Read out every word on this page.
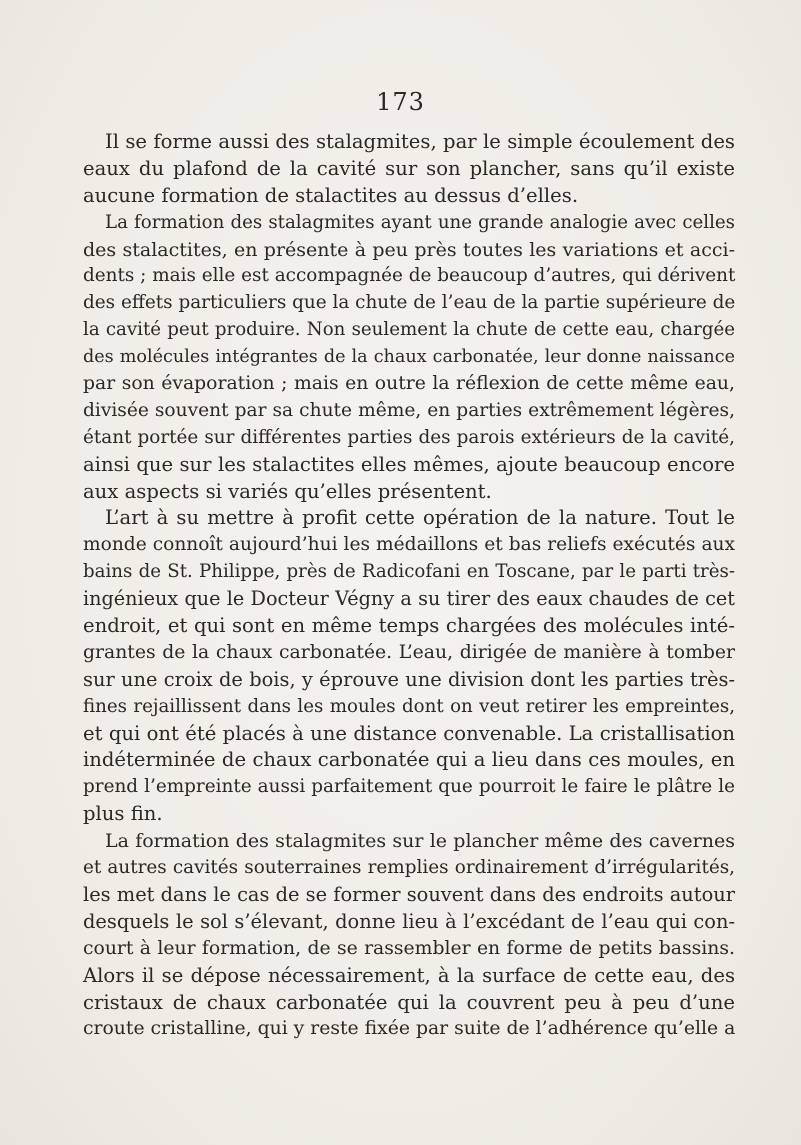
173
Il se forme aussi des stalagmites, par le simple écoulement des
eaux du plafond de la cavité sur son plancher, sans qu’il existe
aucune formation de stalactites au dessus d’elles.
La formation des stalagmites ayant une grande analogie avec celles
des stalactites, en présente à peu près toutes les variations et acci-
dents ; mais elle est accompagnée de beaucoup d’autres, qui dérivent
des effets particuliers que la chute de l’eau de la partie supérieure de
la cavité peut produire. Non seulement la chute de cette eau, chargée
des molécules intégrantes de la chaux carbonatée, leur donne naissance
par son évaporation ; mais en outre la réflexion de cette même eau,
divisée souvent par sa chute même, en parties extrêmement légères,
étant portée sur différentes parties des parois extérieurs de la cavité,
ainsi que sur les stalactites elles mêmes, ajoute beaucoup encore
aux aspects si variés qu’elles présentent.
L’art à su mettre à profit cette opération de la nature. Tout le
monde connoît aujourd’hui les médaillons et bas reliefs exécutés aux
bains de St. Philippe, près de Radicofani en Toscane, par le parti très-
ingénieux que le Docteur Végny a su tirer des eaux chaudes de cet
endroit, et qui sont en même temps chargées des molécules inté-
grantes de la chaux carbonatée. L’eau, dirigée de manière à tomber
sur une croix de bois, y éprouve une division dont les parties très-
fines rejaillissent dans les moules dont on veut retirer les empreintes,
et qui ont été placés à une distance convenable. La cristallisation
indéterminée de chaux carbonatée qui a lieu dans ces moules, en
prend l’empreinte aussi parfaitement que pourroit le faire le plâtre le
plus fin.
La formation des stalagmites sur le plancher même des cavernes
et autres cavités souterraines remplies ordinairement d’irrégularités,
les met dans le cas de se former souvent dans des endroits autour
desquels le sol s’élevant, donne lieu à l’excédant de l’eau qui con-
court à leur formation, de se rassembler en forme de petits bassins.
Alors il se dépose nécessairement, à la surface de cette eau, des
cristaux de chaux carbonatée qui la couvrent peu à peu d’une
croute cristalline, qui y reste fixée par suite de l’adhérence qu’elle a
